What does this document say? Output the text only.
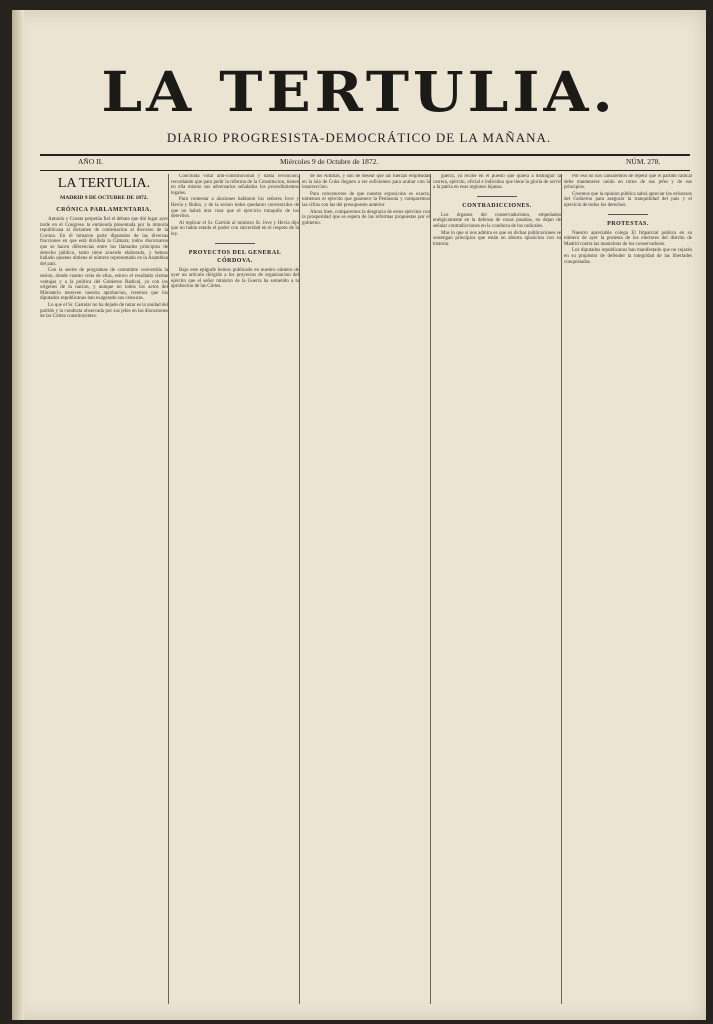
LA TERTULIA.
DIARIO PROGRESISTA-DEMOCRÁTICO DE LA MAÑANA.
AÑO II.	Miércoles 9 de Octubre de 1872.	NÚM. 278.
LA TERTULIA.
MADRID 9 DE OCTUBRE DE 1872.
CRÓNICA PARLAMENTARIA.

Antonio y Cuesta perpetúa fiel el debate que dió lugar ayer tarde en el Congreso la enmienda presentada por la minoría republicana al dictamen de contestacion al discurso de la Corona. En él tomaron parte diputados de las diversas fracciones en que está dividida la Cámara; todos discursaron que se hacen diferencias entre los llamados principios de derecho público, tanto tiene acuerdo elaborado, y hemos hallado quienes obtiene el número representado en la Asamblea del país.

Con la suerte de programas de costumbre convertida la sesion, donde cuanto creia de ellas, estuvo el resultado ciertas ventajas y a la política del Gobierno Radical, ya con los orígenes de la nacion, y aunque no todos los actos del Ministerio merecen nuestra aprobacion, creemos que los diputados republicanos han exagerado sus censuras.

Lo que el Sr. Castelar no ha dejado de notar es la unidad del partido y la conducta observada por sus jefes en las discusiones de las Córtes constituyentes.

Concluida votar anti-constitucional y hasta revoucion, recordando que para pedir la reforma de la Constitucion, tienen en ella mismo sus adversarios señalados los procedimientos legales.

Para contestar a alusiones hablaron los señores Jove y Hevia y Rubio, y de la sesion todos quedaron convencidos de que no habrá otra cosa que el ejercicio tranquilo de los derechos.

Al replicar el Sr. Garrido al ministro Sr. Jove y Hevia dijo que no había estado el poder con sinceridad en el respeto de la ley.

PROYECTOS DEL GENERAL CÓRDOVA.

Bajo este epígrafe hemos publicado en nuestro número de ayer un artículo dirigido a los proyectos de organizacion del ejército que el señor ministro de la Guerra ha sometido a la aprobacion de las Córtes.

de los Antillas, y son de desear que las fuerzas empleadas en la isla de Cuba lleguen a ser suficientes para acabar con la insurreccion.

Para convencerse de que nuestra exposicion es exacta, tomemos el ejército que guarnece la Península y comparemos las cifras con las del presupuesto anterior.

Ahora bien, comparemos la desgracia de estos ejércitos con la prosperidad que se espera de las reformas propuestas por el gobierno.

guerra, ya recibe en el puesto que quiera a distinguir la carrera, ejército, oficial e individuo que tiene la gloria de servir a la patria en esas regiones lejanas.

CONTRADICCIONES.

Los órganos del conservadurismo, empeñados enérgicamente en la defensa de cosas pasadas, no dejan de señalar contradicciones en la conducta de los radicales.

Mas lo que sí nos admira es que en dichas publicaciones se sostengan principios que están en abierta oposicion con su historia.

Por eso no nos cansaremos de repetir que el partido radical debe mantenerse unido en torno de sus jefes y de sus principios.

Creemos que la opinion pública sabrá apreciar los esfuerzos del Gobierno para asegurar la tranquilidad del país y el ejercicio de todos los derechos.

PROTESTAS.

Nuestro apreciable colega El Imparcial publica en su número de ayer la protesta de los electores del distrito de Madrid contra las maniobras de los conservadores.

Los diputados republicanos han manifestado que no cejarán en su propósito de defender la integridad de las libertades conquistadas.
